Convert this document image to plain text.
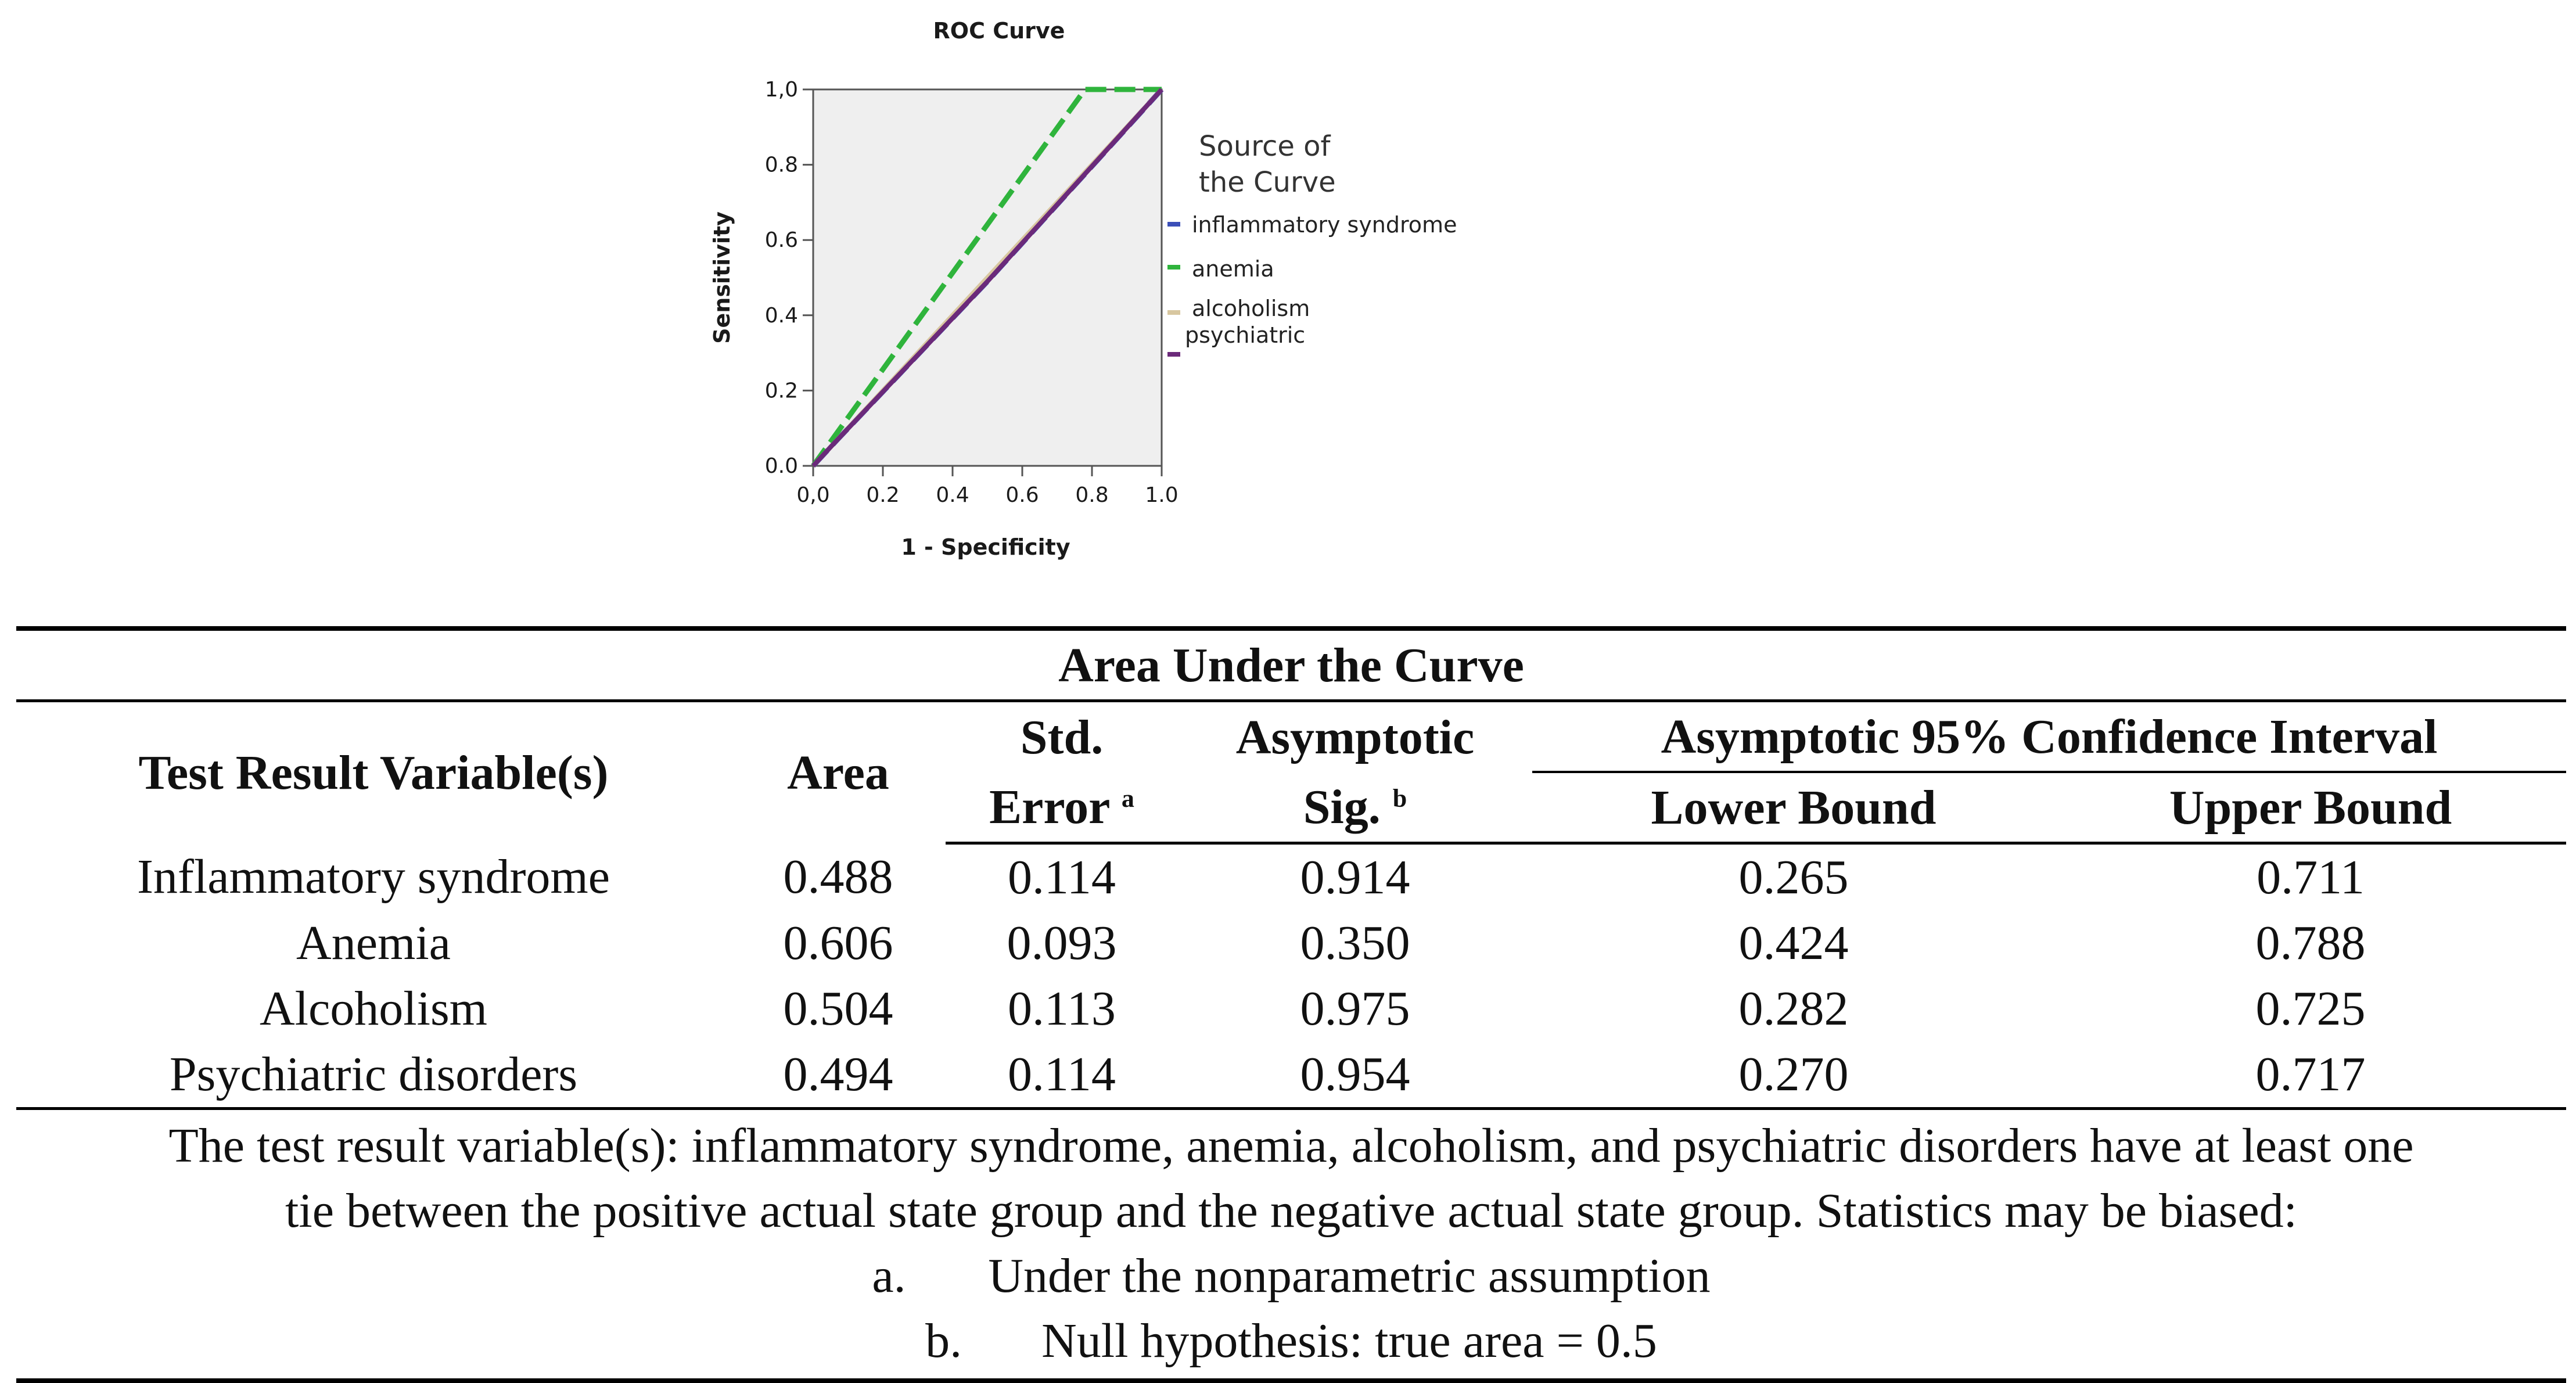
ROC Curve
0.0
0.2
0.4
0.6
0.8
1,0
0,0 0.2 0.4 0.6 0.8 1.0
1 - Specificity
Sensitivity
Source of the Curve
inflammatory syndrome
anemia
alcoholism
psychiatric
Area Under the Curve					
Test Result Variable(s)	Area	Std.	Asymptotic	Asymptotic 95% Confidence Interval	
		Error $^a$	Sig. $^b$	Lower Bound	Upper Bound
Inflammatory syndrome	0.488	0.114	0.914	0.265	0.711
Anemia	0.606	0.093	0.350	0.424	0.788
Alcoholism	0.504	0.113	0.975	0.282	0.725
Psychiatric disorders	0.494	0.114	0.954	0.270	0.717
The test result variable(s): inflammatory syndrome, anemia, alcoholism, and psychiatric disorders have at least one
tie between the positive actual state group and the negative actual state group. Statistics may be biased:
a. Under the nonparametric assumption
b. Null hypothesis: true area = 0.5
